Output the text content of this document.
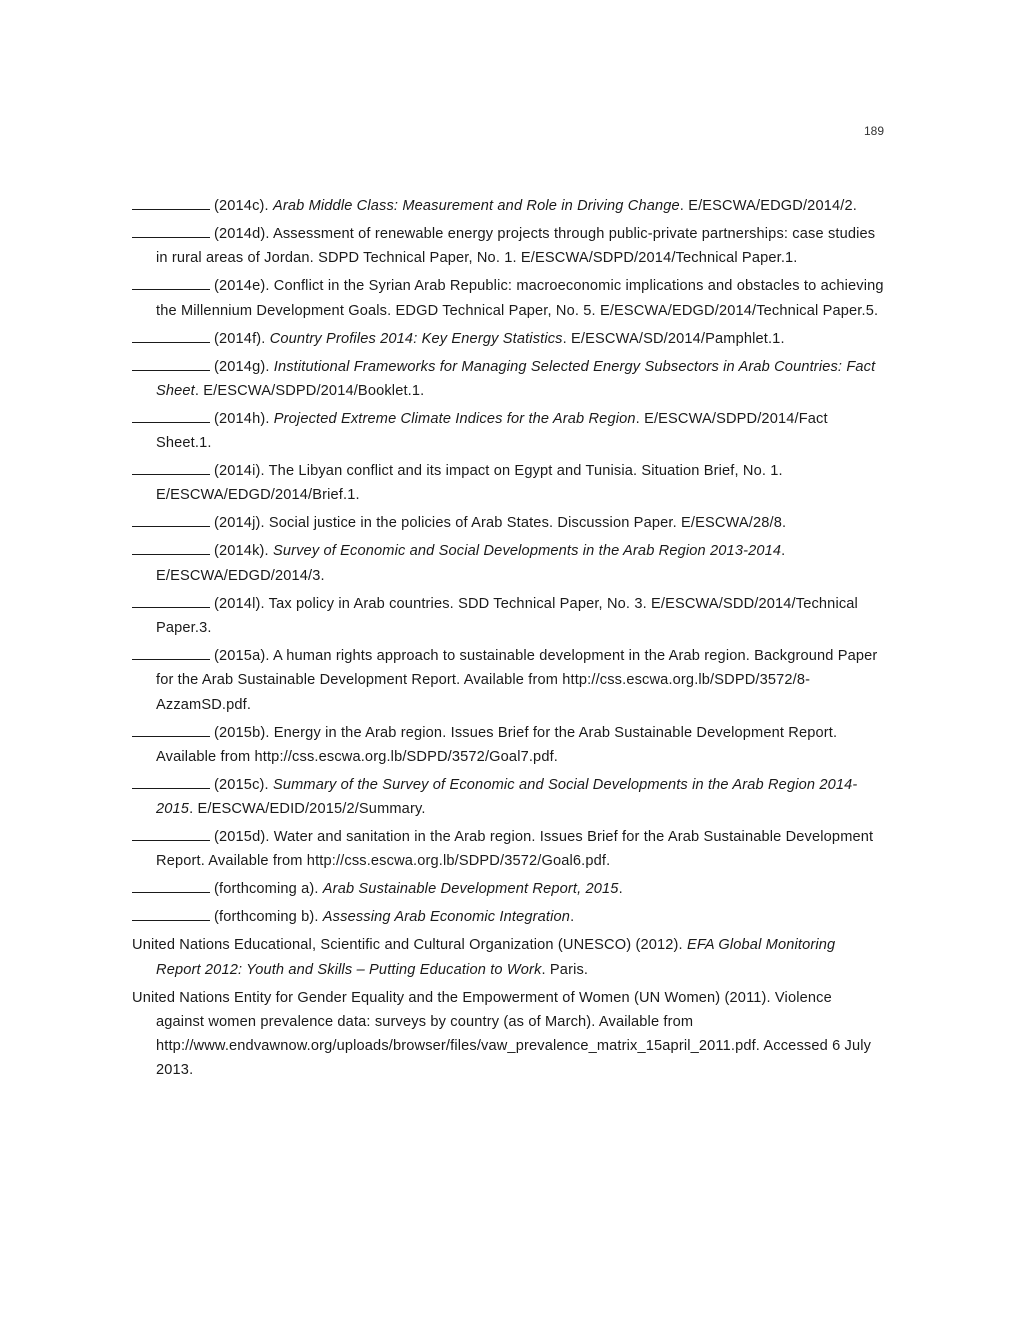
189
(2014c). Arab Middle Class: Measurement and Role in Driving Change. E/ESCWA/EDGD/2014/2.
(2014d). Assessment of renewable energy projects through public-private partnerships: case studies in rural areas of Jordan. SDPD Technical Paper, No. 1. E/ESCWA/SDPD/2014/Technical Paper.1.
(2014e). Conflict in the Syrian Arab Republic: macroeconomic implications and obstacles to achieving the Millennium Development Goals. EDGD Technical Paper, No. 5. E/ESCWA/EDGD/2014/Technical Paper.5.
(2014f). Country Profiles 2014: Key Energy Statistics. E/ESCWA/SD/2014/Pamphlet.1.
(2014g). Institutional Frameworks for Managing Selected Energy Subsectors in Arab Countries: Fact Sheet. E/ESCWA/SDPD/2014/Booklet.1.
(2014h). Projected Extreme Climate Indices for the Arab Region. E/ESCWA/SDPD/2014/Fact Sheet.1.
(2014i). The Libyan conflict and its impact on Egypt and Tunisia. Situation Brief, No. 1. E/ESCWA/EDGD/2014/Brief.1.
(2014j). Social justice in the policies of Arab States. Discussion Paper. E/ESCWA/28/8.
(2014k). Survey of Economic and Social Developments in the Arab Region 2013-2014. E/ESCWA/EDGD/2014/3.
(2014l). Tax policy in Arab countries. SDD Technical Paper, No. 3. E/ESCWA/SDD/2014/Technical Paper.3.
(2015a). A human rights approach to sustainable development in the Arab region. Background Paper for the Arab Sustainable Development Report. Available from http://css.escwa.org.lb/SDPD/3572/8-AzzamSD.pdf.
(2015b). Energy in the Arab region. Issues Brief for the Arab Sustainable Development Report. Available from http://css.escwa.org.lb/SDPD/3572/Goal7.pdf.
(2015c). Summary of the Survey of Economic and Social Developments in the Arab Region 2014-2015. E/ESCWA/EDID/2015/2/Summary.
(2015d). Water and sanitation in the Arab region. Issues Brief for the Arab Sustainable Development Report. Available from http://css.escwa.org.lb/SDPD/3572/Goal6.pdf.
(forthcoming a). Arab Sustainable Development Report, 2015.
(forthcoming b). Assessing Arab Economic Integration.
United Nations Educational, Scientific and Cultural Organization (UNESCO) (2012). EFA Global Monitoring Report 2012: Youth and Skills – Putting Education to Work. Paris.
United Nations Entity for Gender Equality and the Empowerment of Women (UN Women) (2011). Violence against women prevalence data: surveys by country (as of March). Available from http://www.endvawnow.org/uploads/browser/files/vaw_prevalence_matrix_15april_2011.pdf. Accessed 6 July 2013.
